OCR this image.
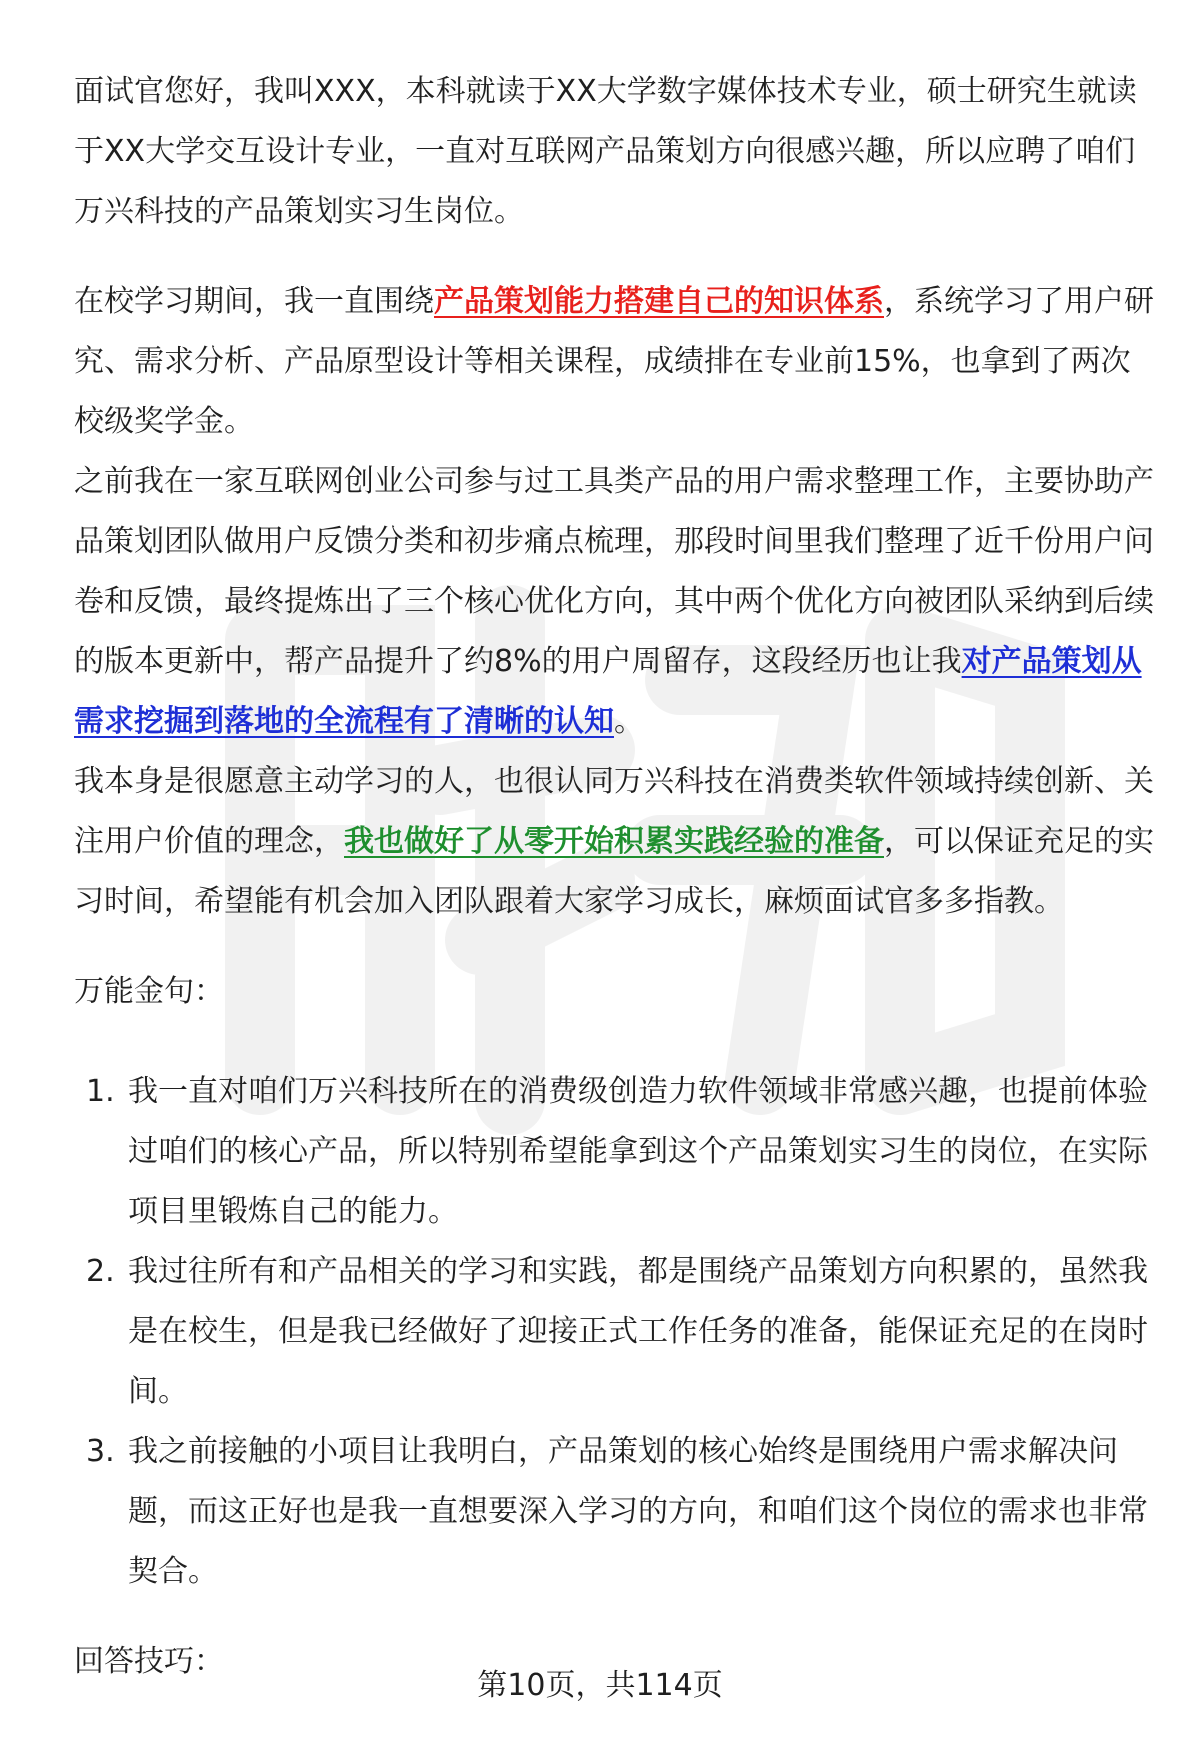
面试官您好，我叫XXX，本科就读于XX大学数字媒体技术专业，硕士研究生就读于XX大学交互设计专业，一直对互联网产品策划方向很感兴趣，所以应聘了咱们万兴科技的产品策划实习生岗位。

在校学习期间，我一直围绕产品策划能力搭建自己的知识体系，系统学习了用户研究、需求分析、产品原型设计等相关课程，成绩排在专业前15%，也拿到了两次校级奖学金。

之前我在一家互联网创业公司参与过工具类产品的用户需求整理工作，主要协助产品策划团队做用户反馈分类和初步痛点梳理，那段时间里我们整理了近千份用户问卷和反馈，最终提炼出了三个核心优化方向，其中两个优化方向被团队采纳到后续的版本更新中，帮产品提升了约8%的用户周留存，这段经历也让我对产品策划从需求挖掘到落地的全流程有了清晰的认知。

我本身是很愿意主动学习的人，也很认同万兴科技在消费类软件领域持续创新、关注用户价值的理念，我也做好了从零开始积累实践经验的准备，可以保证充足的实习时间，希望能有机会加入团队跟着大家学习成长，麻烦面试官多多指教。

万能金句：

1. 我一直对咱们万兴科技所在的消费级创造力软件领域非常感兴趣，也提前体验过咱们的核心产品，所以特别希望能拿到这个产品策划实习生的岗位，在实际项目里锻炼自己的能力。
2. 我过往所有和产品相关的学习和实践，都是围绕产品策划方向积累的，虽然我是在校生，但是我已经做好了迎接正式工作任务的准备，能保证充足的在岗时间。
3. 我之前接触的小项目让我明白，产品策划的核心始终是围绕用户需求解决问题，而这正好也是我一直想要深入学习的方向，和咱们这个岗位的需求也非常契合。

回答技巧：

第10页，共114页
